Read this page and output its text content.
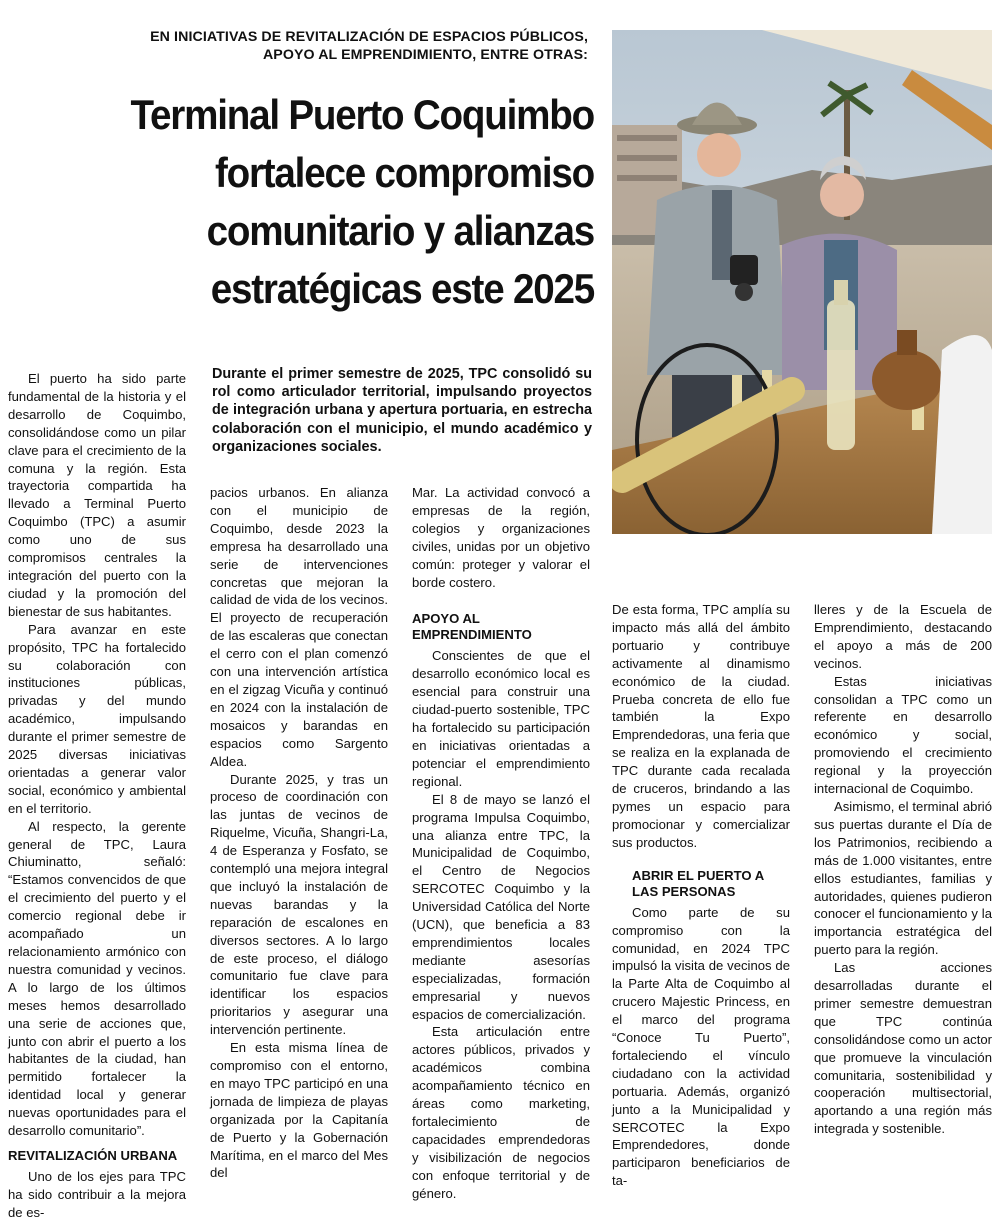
EN INICIATIVAS DE REVITALIZACIÓN DE ESPACIOS PÚBLICOS, APOYO AL EMPRENDIMIENTO, ENTRE OTRAS:
Terminal Puerto Coquimbo fortalece compromiso comunitario y alianzas estratégicas este 2025
Durante el primer semestre de 2025, TPC consolidó su rol como articulador territorial, impulsando proyectos de integración urbana y apertura portuaria, en estrecha colaboración con el municipio, el mundo académico y organizaciones sociales.

El puerto ha sido parte fundamental de la historia y el desarrollo de Coquimbo, consolidándose como un pilar clave para el crecimiento de la comuna y la región. Esta trayectoria compartida ha llevado a Terminal Puerto Coquimbo (TPC) a asumir como uno de sus compromisos centrales la integración del puerto con la ciudad y la promoción del bienestar de sus habitantes.

Para avanzar en este propósito, TPC ha fortalecido su colaboración con instituciones públicas, privadas y del mundo académico, impulsando durante el primer semestre de 2025 diversas iniciativas orientadas a generar valor social, económico y ambiental en el territorio.

Al respecto, la gerente general de TPC, Laura Chiuminatto, señaló: “Estamos convencidos de que el crecimiento del puerto y el comercio regional debe ir acompañado un relacionamiento armónico con nuestra comunidad y vecinos. A lo largo de los últimos meses hemos desarrollado una serie de acciones que, junto con abrir el puerto a los habitantes de la ciudad, han permitido fortalecer la identidad local y generar nuevas oportunidades para el desarrollo comunitario”.

REVITALIZACIÓN URBANA

Uno de los ejes para TPC ha sido contribuir a la mejora de es-

pacios urbanos. En alianza con el municipio de Coquimbo, desde 2023 la empresa ha desarrollado una serie de intervenciones concretas que mejoran la calidad de vida de los vecinos. El proyecto de recuperación de las escaleras que conectan el cerro con el plan comenzó con una intervención artística en el zigzag Vicuña y continuó en 2024 con la instalación de mosaicos y barandas en espacios como Sargento Aldea.

Durante 2025, y tras un proceso de coordinación con las juntas de vecinos de Riquelme, Vicuña, Shangri-La, 4 de Esperanza y Fosfato, se contempló una mejora integral que incluyó la instalación de nuevas barandas y la reparación de escalones en diversos sectores. A lo largo de este proceso, el diálogo comunitario fue clave para identificar los espacios prioritarios y asegurar una intervención pertinente.

En esta misma línea de compromiso con el entorno, en mayo TPC participó en una jornada de limpieza de playas organizada por la Capitanía de Puerto y la Gobernación Marítima, en el marco del Mes del

Mar. La actividad convocó a empresas de la región, colegios y organizaciones civiles, unidas por un objetivo común: proteger y valorar el borde costero.

APOYO AL EMPRENDIMIENTO

Conscientes de que el desarrollo económico local es esencial para construir una ciudad-puerto sostenible, TPC ha fortalecido su participación en iniciativas orientadas a potenciar el emprendimiento regional.

El 8 de mayo se lanzó el programa Impulsa Coquimbo, una alianza entre TPC, la Municipalidad de Coquimbo, el Centro de Negocios SERCOTEC Coquimbo y la Universidad Católica del Norte (UCN), que beneficia a 83 emprendimientos locales mediante asesorías especializadas, formación empresarial y nuevos espacios de comercialización.

Esta articulación entre actores públicos, privados y académicos combina acompañamiento técnico en áreas como marketing, fortalecimiento de capacidades emprendedoras y visibilización de negocios con enfoque territorial y de género.

De esta forma, TPC amplía su impacto más allá del ámbito portuario y contribuye activamente al dinamismo económico de la ciudad. Prueba concreta de ello fue también la Expo Emprendedoras, una feria que se realiza en la explanada de TPC durante cada recalada de cruceros, brindando a las pymes un espacio para promocionar y comercializar sus productos.

ABRIR EL PUERTO A LAS PERSONAS

Como parte de su compromiso con la comunidad, en 2024 TPC impulsó la visita de vecinos de la Parte Alta de Coquimbo al crucero Majestic Princess, en el marco del programa “Conoce Tu Puerto”, fortaleciendo el vínculo ciudadano con la actividad portuaria. Además, organizó junto a la Municipalidad y SERCOTEC la Expo Emprendedores, donde participaron beneficiarios de ta-

lleres y de la Escuela de Emprendimiento, destacando el apoyo a más de 200 vecinos.

Estas iniciativas consolidan a TPC como un referente en desarrollo económico y social, promoviendo el crecimiento regional y la proyección internacional de Coquimbo.

Asimismo, el terminal abrió sus puertas durante el Día de los Patrimonios, recibiendo a más de 1.000 visitantes, entre ellos estudiantes, familias y autoridades, quienes pudieron conocer el funcionamiento y la importancia estratégica del puerto para la región.

Las acciones desarrolladas durante el primer semestre demuestran que TPC continúa consolidándose como un actor que promueve la vinculación comunitaria, sostenibilidad y cooperación multisectorial, aportando a una región más integrada y sostenible.
